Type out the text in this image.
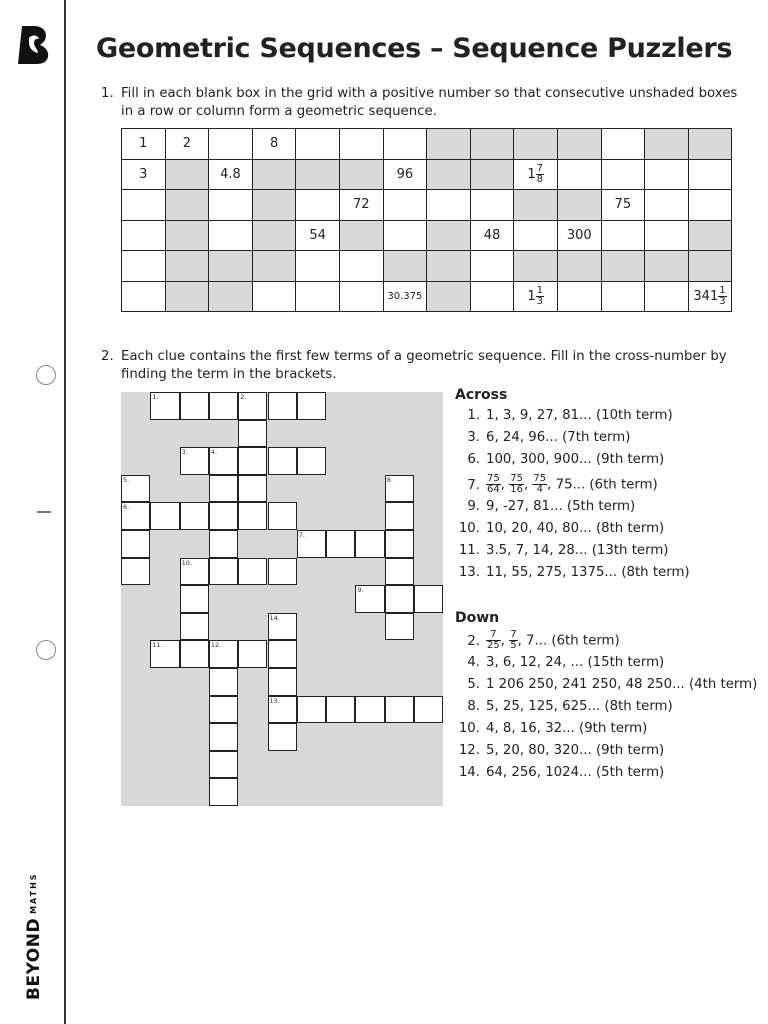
BEYONDMATHS
Geometric Sequences – Sequence Puzzlers
1. Fill in each blank box in the grid with a positive number so that consecutive unshaded boxes
in a row or column form a geometric sequence.
1	2		8										
3		4.8				96			$1 \frac{7}{8}$

					72						75		
				54				48		300			

						30.375			$1 \frac{1}{3}$				$341 \frac{1}{3}$
2. Each clue contains the first few terms of a geometric sequence. Fill in the cross-number by
finding the term in the brackets.
1.	2.
3.	4.
6.
7.
9.
10.
11.	12.
13.
5.	8.
14.
Across
1. 1, 3, 9, 27, 81... (10th term)
3. 6, 24, 96... (7th term)
6. 100, 300, 900... (9th term)
7. $\frac{75}{64}$ , $\frac{75}{16}$ , $\frac{75}{4}$ , 75... (6th term)
9. 9, -27, 81... (5th term)
10. 10, 20, 40, 80... (8th term)
11. 3.5, 7, 14, 28... (13th term)
13. 11, 55, 275, 1375... (8th term)
Down
2. $\frac{7}{25}$ , $\frac{7}{5}$ , 7... (6th term)
4. 3, 6, 12, 24, ... (15th term)
5. 1 206 250, 241 250, 48 250... (4th term)
8. 5, 25, 125, 625... (8th term)
10. 4, 8, 16, 32... (9th term)
12. 5, 20, 80, 320... (9th term)
14. 64, 256, 1024... (5th term)
